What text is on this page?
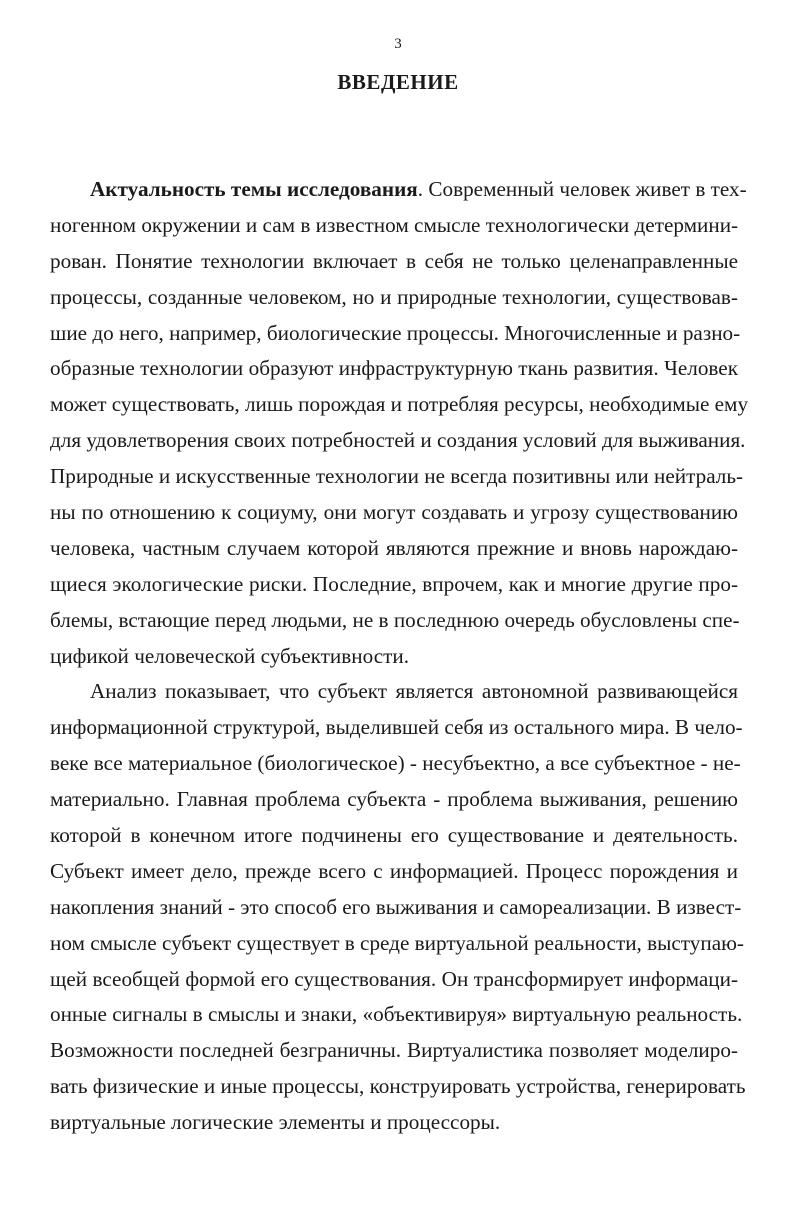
3
ВВЕДЕНИЕ
Актуальность темы исследования. Современный человек живет в тех-
ногенном окружении и сам в известном смысле технологически детермини-
рован. Понятие технологии включает в себя не только целенаправленные
процессы, созданные человеком, но и природные технологии, существовав-
шие до него, например, биологические процессы. Многочисленные и разно-
образные технологии образуют инфраструктурную ткань развития. Человек
может существовать, лишь порождая и потребляя ресурсы, необходимые ему
для удовлетворения своих потребностей и создания условий для выживания.
Природные и искусственные технологии не всегда позитивны или нейтраль-
ны по отношению к социуму, они могут создавать и угрозу существованию
человека, частным случаем которой являются прежние и вновь нарождаю-
щиеся экологические риски. Последние, впрочем, как и многие другие про-
блемы, встающие перед людьми, не в последнюю очередь обусловлены спе-
цификой человеческой субъективности.
Анализ показывает, что субъект является автономной развивающейся
информационной структурой, выделившей себя из остального мира. В чело-
веке все материальное (биологическое) - несубъектно, а все субъектное - не-
материально. Главная проблема субъекта - проблема выживания, решению
которой в конечном итоге подчинены его существование и деятельность.
Субъект имеет дело, прежде всего с информацией. Процесс порождения и
накопления знаний - это способ его выживания и самореализации. В извест-
ном смысле субъект существует в среде виртуальной реальности, выступаю-
щей всеобщей формой его существования. Он трансформирует информаци-
онные сигналы в смыслы и знаки, «объективируя» виртуальную реальность.
Возможности последней безграничны. Виртуалистика позволяет моделиро-
вать физические и иные процессы, конструировать устройства, генерировать
виртуальные логические элементы и процессоры.
